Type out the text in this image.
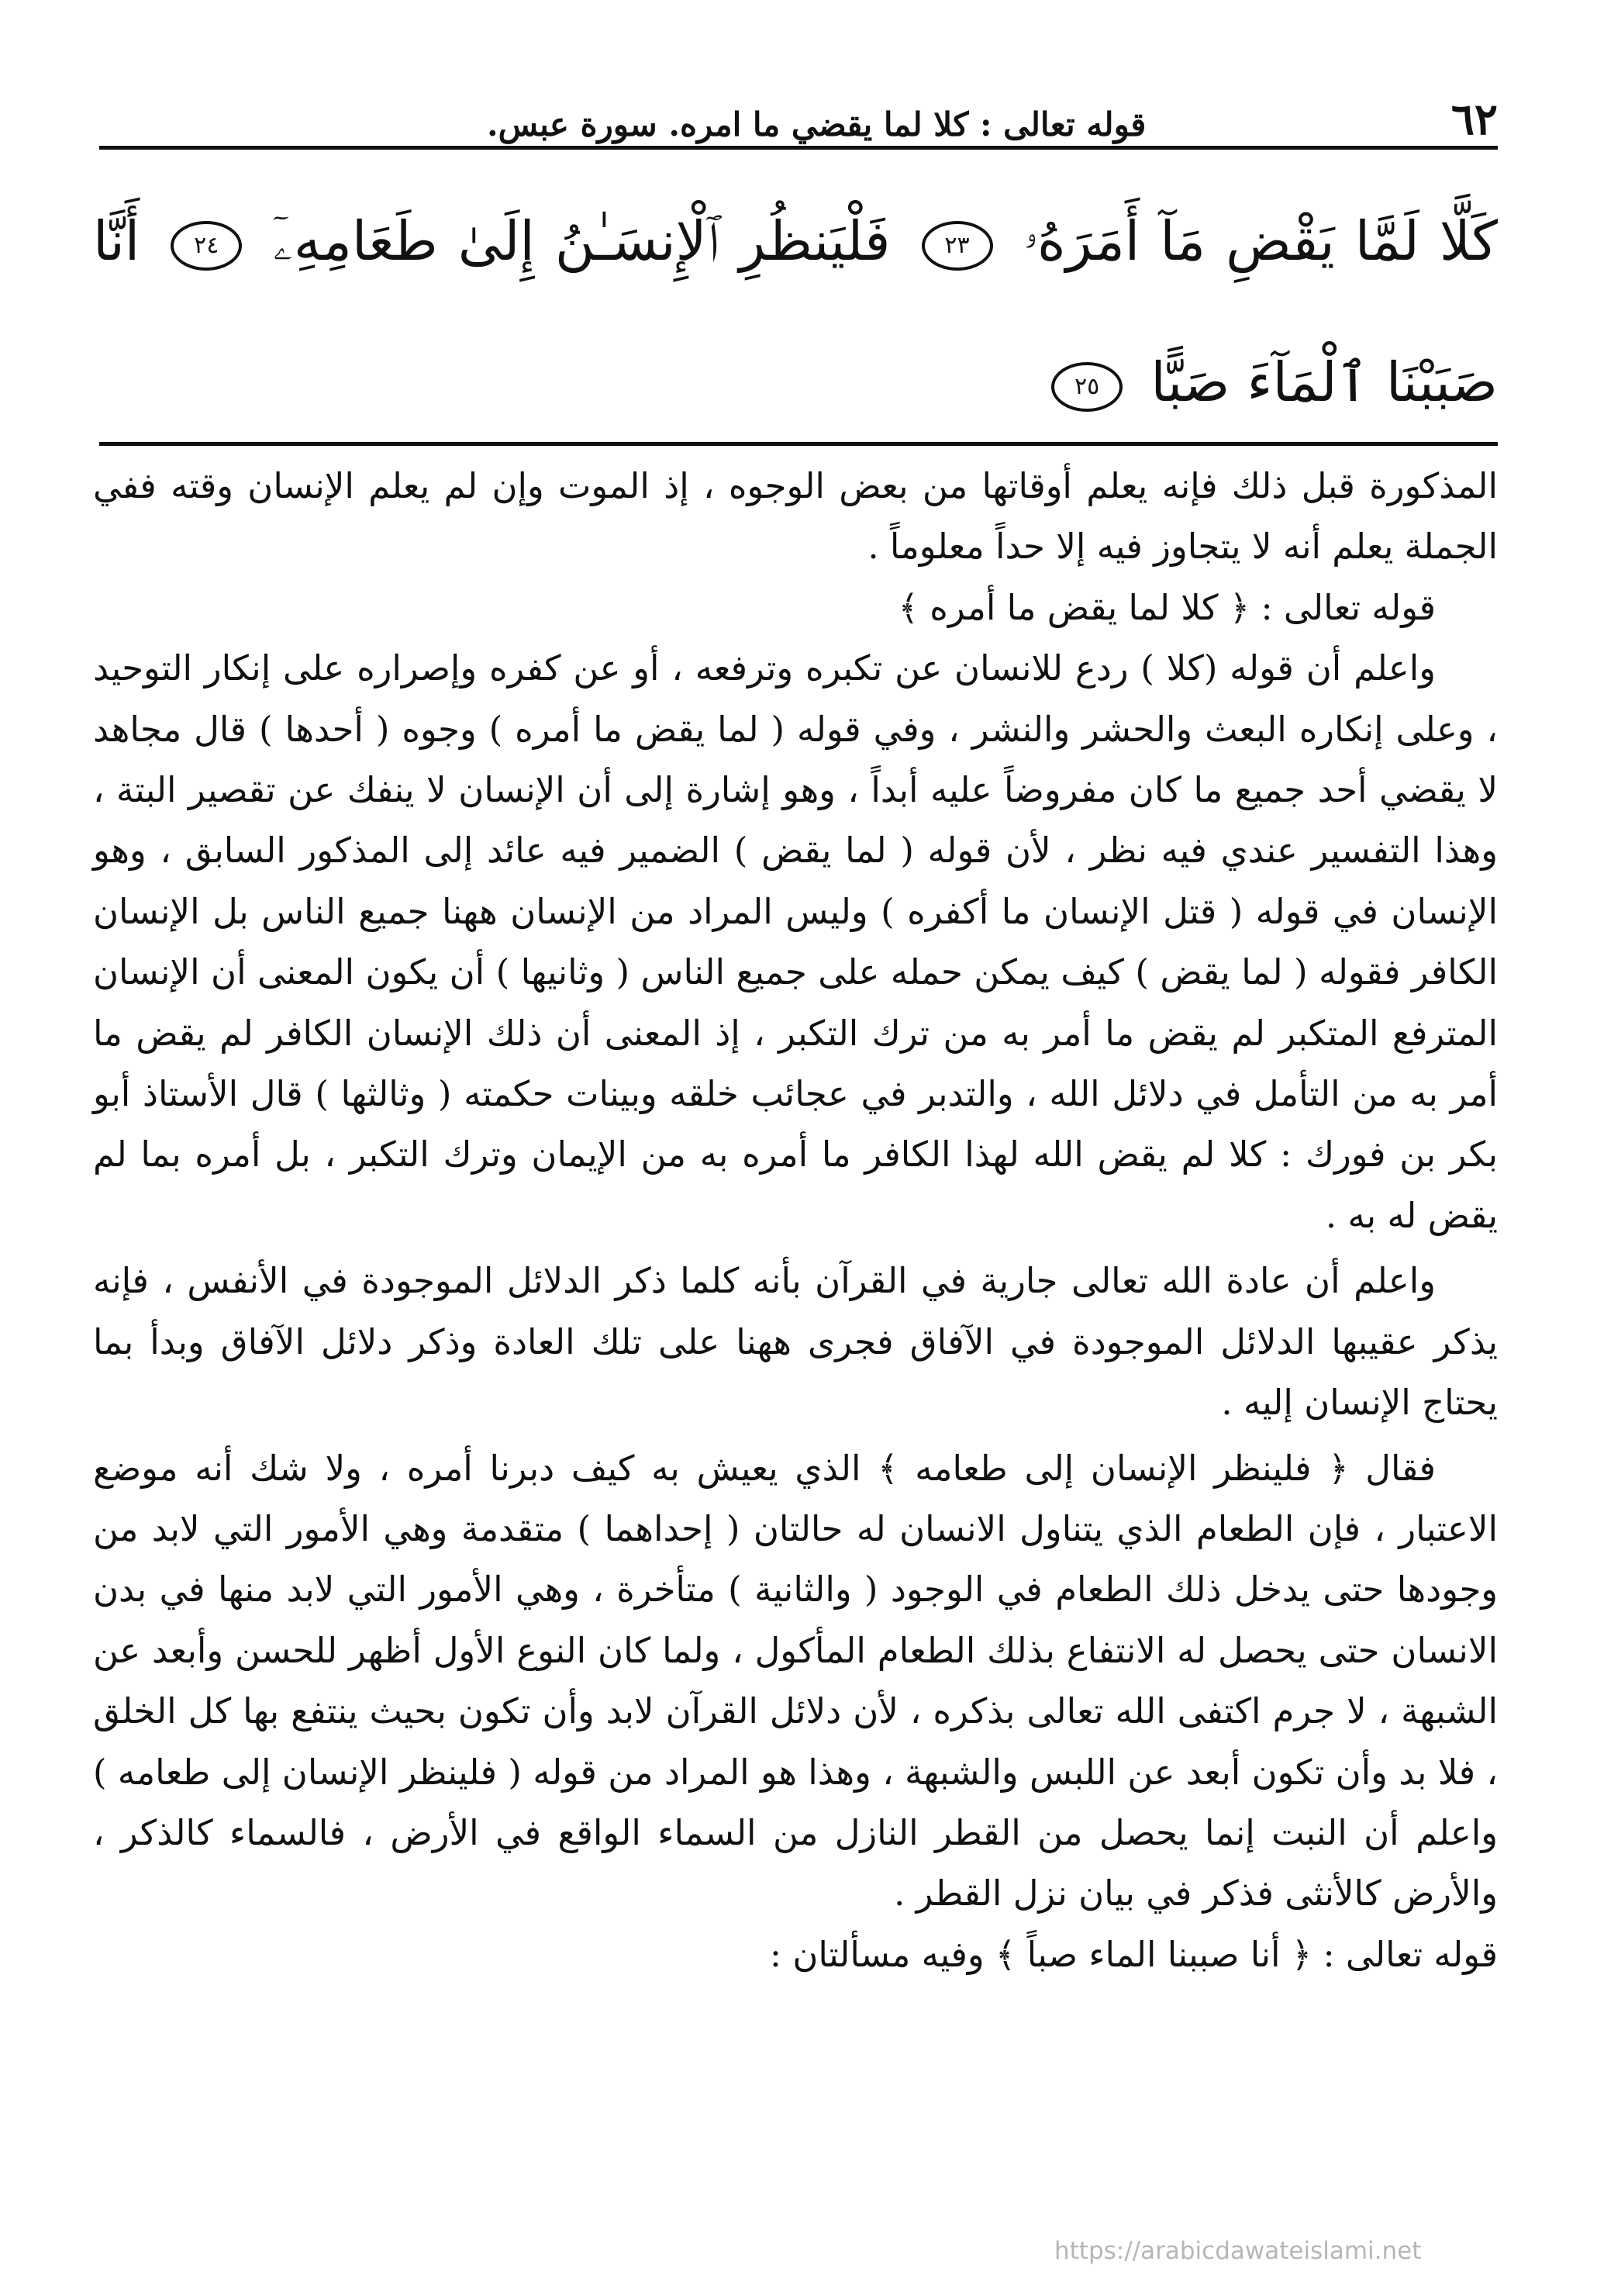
٦٢
قوله تعالى : كلا لما يقضي ما امره. سورة عبس.
كَلَّا لَمَّا يَقْضِ مَآ أَمَرَهُۥ ٢٣ فَلْيَنظُرِ ٱلْإِنسَـٰنُ إِلَىٰ طَعَامِهِۦٓ ٢٤ أَنَّا صَبَبْنَا ٱلْمَآءَ صَبًّا ٢٥

المذكورة قبل ذلك فإنه يعلم أوقاتها من بعض الوجوه ، إذ الموت وإن لم يعلم الإنسان وقته ففي الجملة يعلم أنه لا يتجاوز فيه إلا حداً معلوماً .

قوله تعالى : ﴿ كلا لما يقض ما أمره ﴾

واعلم أن قوله (كلا ) ردع للانسان عن تكبره وترفعه ، أو عن كفره وإصراره على إنكار التوحيد ، وعلى إنكاره البعث والحشر والنشر ، وفي قوله ( لما يقض ما أمره ) وجوه ( أحدها ) قال مجاهد لا يقضي أحد جميع ما كان مفروضاً عليه أبداً ، وهو إشارة إلى أن الإنسان لا ينفك عن تقصير البتة ، وهذا التفسير عندي فيه نظر ، لأن قوله ( لما يقض ) الضمير فيه عائد إلى المذكور السابق ، وهو الإنسان في قوله ( قتل الإنسان ما أكفره ) وليس المراد من الإنسان ههنا جميع الناس بل الإنسان الكافر فقوله ( لما يقض ) كيف يمكن حمله على جميع الناس ( وثانيها ) أن يكون المعنى أن الإنسان المترفع المتكبر لم يقض ما أمر به من ترك التكبر ، إذ المعنى أن ذلك الإنسان الكافر لم يقض ما أمر به من التأمل في دلائل الله ، والتدبر في عجائب خلقه وبينات حكمته ( وثالثها ) قال الأستاذ أبو بكر بن فورك : كلا لم يقض الله لهذا الكافر ما أمره به من الإيمان وترك التكبر ، بل أمره بما لم يقض له به .

واعلم أن عادة الله تعالى جارية في القرآن بأنه كلما ذكر الدلائل الموجودة في الأنفس ، فإنه يذكر عقيبها الدلائل الموجودة في الآفاق فجرى ههنا على تلك العادة وذكر دلائل الآفاق وبدأ بما يحتاج الإنسان إليه .

فقال ﴿ فلينظر الإنسان إلى طعامه ﴾ الذي يعيش به كيف دبرنا أمره ، ولا شك أنه موضع الاعتبار ، فإن الطعام الذي يتناول الانسان له حالتان ( إحداهما ) متقدمة وهي الأمور التي لابد من وجودها حتى يدخل ذلك الطعام في الوجود ( والثانية ) متأخرة ، وهي الأمور التي لابد منها في بدن الانسان حتى يحصل له الانتفاع بذلك الطعام المأكول ، ولما كان النوع الأول أظهر للحسن وأبعد عن الشبهة ، لا جرم اكتفى الله تعالى بذكره ، لأن دلائل القرآن لابد وأن تكون بحيث ينتفع بها كل الخلق ، فلا بد وأن تكون أبعد عن اللبس والشبهة ، وهذا هو المراد من قوله ( فلينظر الإنسان إلى طعامه ) واعلم أن النبت إنما يحصل من القطر النازل من السماء الواقع في الأرض ، فالسماء كالذكر ، والأرض كالأنثى فذكر في بيان نزل القطر .

قوله تعالى : ﴿ أنا صببنا الماء صباً ﴾ وفيه مسألتان :

https://arabicdawateislami.net
